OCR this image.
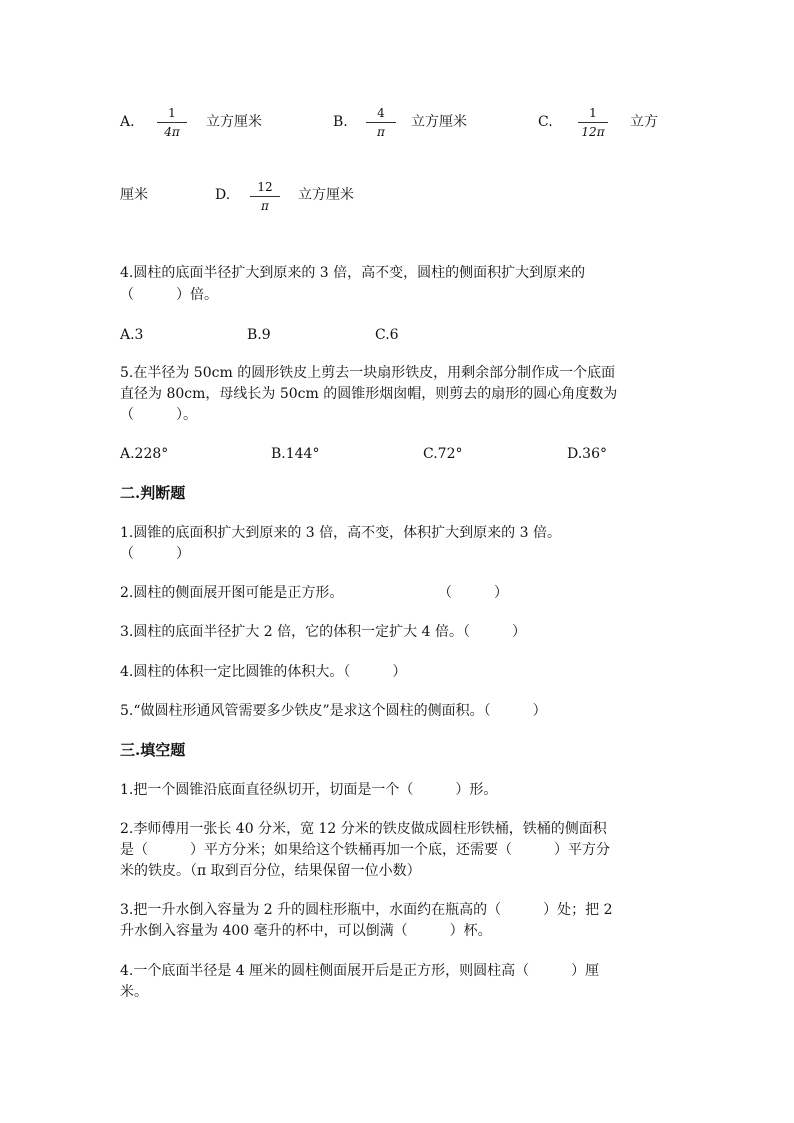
A.
1
4π
立方厘米	B.
4
π
立方厘米	C.
1
12π
立方
厘米	D.	12
π
立方厘米
4.圆柱的底面半径扩大到原来的 3 倍，高不变，圆柱的侧面积扩大到原来的
（　　　）倍。
A.3	B.9	C.6
5.在半径为 50cm 的圆形铁皮上剪去一块扇形铁皮，用剩余部分制作成一个底面
直径为 80cm，母线长为 50cm 的圆锥形烟囱帽，则剪去的扇形的圆心角度数为
（　　　）。
A.228°	B.144°	C.72°	D.36°
二.判断题
1.圆锥的底面积扩大到原来的 3 倍，高不变，体积扩大到原来的 3 倍。
（　　　）
2.圆柱的侧面展开图可能是正方形。	（　　　）
3.圆柱的底面半径扩大 2 倍，它的体积一定扩大 4 倍。（　　　）
4.圆柱的体积一定比圆锥的体积大。（　　　）
5.“做圆柱形通风管需要多少铁皮”是求这个圆柱的侧面积。（　　　）
三.填空题
1.把一个圆锥沿底面直径纵切开，切面是一个（　　　）形。
2.李师傅用一张长 40 分米，宽 12 分米的铁皮做成圆柱形铁桶，铁桶的侧面积
是（　　　）平方分米；如果给这个铁桶再加一个底，还需要（　　　）平方分
米的铁皮。（π 取到百分位，结果保留一位小数）
3.把一升水倒入容量为 2 升的圆柱形瓶中，水面约在瓶高的（　　　）处；把 2
升水倒入容量为 400 毫升的杯中，可以倒满（　　　）杯。
4.一个底面半径是 4 厘米的圆柱侧面展开后是正方形，则圆柱高（　　　）厘
米。
